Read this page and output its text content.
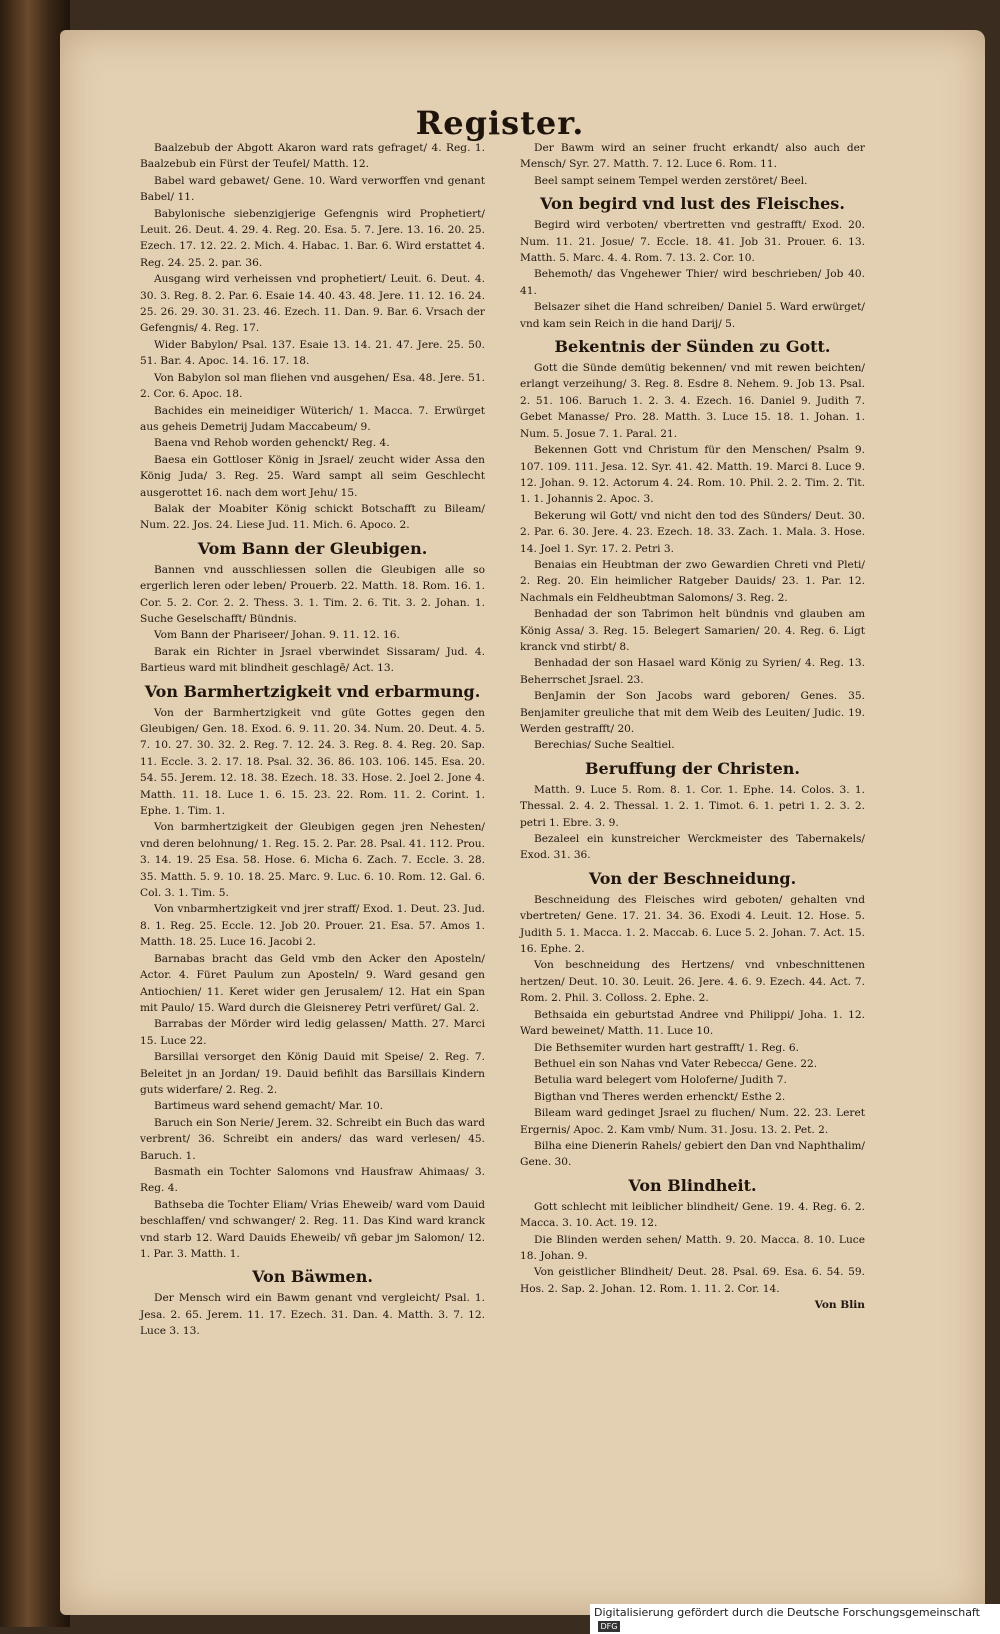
Register.

Baalzebub der Abgott Akaron ward rats gefraget/ 4. Reg. 1. Baalzebub ein Fürst der Teufel/ Matth. 12.

Babel ward gebawet/ Gene. 10. Ward verworffen vnd genant Babel/ 11.

Babylonische siebenzigjerige Gefengnis wird Prophetiert/ Leuit. 26. Deut. 4. 29. 4. Reg. 20. Esa. 5. 7. Jere. 13. 16. 20. 25. Ezech. 17. 12. 22. 2. Mich. 4. Habac. 1. Bar. 6. Wird erstattet 4. Reg. 24. 25. 2. par. 36.

Ausgang wird verheissen vnd prophetiert/ Leuit. 6. Deut. 4. 30. 3. Reg. 8. 2. Par. 6. Esaie 14. 40. 43. 48. Jere. 11. 12. 16. 24. 25. 26. 29. 30. 31. 23. 46. Ezech. 11. Dan. 9. Bar. 6. Vrsach der Gefengnis/ 4. Reg. 17.

Wider Babylon/ Psal. 137. Esaie 13. 14. 21. 47. Jere. 25. 50. 51. Bar. 4. Apoc. 14. 16. 17. 18.

Von Babylon sol man fliehen vnd ausgehen/ Esa. 48. Jere. 51. 2. Cor. 6. Apoc. 18.

Bachides ein meineidiger Wüterich/ 1. Macca. 7. Erwürget aus geheis Demetrij Judam Maccabeum/ 9.

Baena vnd Rehob worden gehenckt/ Reg. 4.

Baesa ein Gottloser König in Jsrael/ zeucht wider Assa den König Juda/ 3. Reg. 25. Ward sampt all seim Geschlecht ausgerottet 16. nach dem wort Jehu/ 15.

Balak der Moabiter König schickt Botschafft zu Bileam/ Num. 22. Jos. 24. Liese Jud. 11. Mich. 6. Apoco. 2.

Vom Bann der Gleubigen.

Bannen vnd ausschliessen sollen die Gleubigen alle so ergerlich leren oder leben/ Prouerb. 22. Matth. 18. Rom. 16. 1. Cor. 5. 2. Cor. 2. 2. Thess. 3. 1. Tim. 2. 6. Tit. 3. 2. Johan. 1. Suche Geselschafft/ Bündnis.

Vom Bann der Phariseer/ Johan. 9. 11. 12. 16.

Barak ein Richter in Jsrael vberwindet Sissaram/ Jud. 4. Bartieus ward mit blindheit geschlagē/ Act. 13.

Von Barmhertzigkeit vnd erbarmung.

Von der Barmhertzigkeit vnd güte Gottes gegen den Gleubigen/ Gen. 18. Exod. 6. 9. 11. 20. 34. Num. 20. Deut. 4. 5. 7. 10. 27. 30. 32. 2. Reg. 7. 12. 24. 3. Reg. 8. 4. Reg. 20. Sap. 11. Eccle. 3. 2. 17. 18. Psal. 32. 36. 86. 103. 106. 145. Esa. 20. 54. 55. Jerem. 12. 18. 38. Ezech. 18. 33. Hose. 2. Joel 2. Jone 4. Matth. 11. 18. Luce 1. 6. 15. 23. 22. Rom. 11. 2. Corint. 1. Ephe. 1. Tim. 1.

Von barmhertzigkeit der Gleubigen gegen jren Nehesten/ vnd deren belohnung/ 1. Reg. 15. 2. Par. 28. Psal. 41. 112. Prou. 3. 14. 19. 25 Esa. 58. Hose. 6. Micha 6. Zach. 7. Eccle. 3. 28. 35. Matth. 5. 9. 10. 18. 25. Marc. 9. Luc. 6. 10. Rom. 12. Gal. 6. Col. 3. 1. Tim. 5.

Von vnbarmhertzigkeit vnd jrer straff/ Exod. 1. Deut. 23. Jud. 8. 1. Reg. 25. Eccle. 12. Job 20. Prouer. 21. Esa. 57. Amos 1. Matth. 18. 25. Luce 16. Jacobi 2.

Barnabas bracht das Geld vmb den Acker den Aposteln/ Actor. 4. Füret Paulum zun Aposteln/ 9. Ward gesand gen Antiochien/ 11. Keret wider gen Jerusalem/ 12. Hat ein Span mit Paulo/ 15. Ward durch die Gleisnerey Petri verfüret/ Gal. 2.

Barrabas der Mörder wird ledig gelassen/ Matth. 27. Marci 15. Luce 22.

Barsillai versorget den König Dauid mit Speise/ 2. Reg. 7. Beleitet jn an Jordan/ 19. Dauid befihlt das Barsillais Kindern guts widerfare/ 2. Reg. 2.

Bartimeus ward sehend gemacht/ Mar. 10.

Baruch ein Son Nerie/ Jerem. 32. Schreibt ein Buch das ward verbrent/ 36. Schreibt ein anders/ das ward verlesen/ 45. Baruch. 1.

Basmath ein Tochter Salomons vnd Hausfraw Ahimaas/ 3. Reg. 4.

Bathseba die Tochter Eliam/ Vrias Eheweib/ ward vom Dauid beschlaffen/ vnd schwanger/ 2. Reg. 11. Das Kind ward kranck vnd starb 12. Ward Dauids Eheweib/ vñ gebar jm Salomon/ 12. 1. Par. 3. Matth. 1.

Von Bäwmen.

Der Mensch wird ein Bawm genant vnd vergleicht/ Psal. 1. Jesa. 2. 65. Jerem. 11. 17. Ezech. 31. Dan. 4. Matth. 3. 7. 12. Luce 3. 13.

Der Bawm wird an seiner frucht erkandt/ also auch der Mensch/ Syr. 27. Matth. 7. 12. Luce 6. Rom. 11.

Beel sampt seinem Tempel werden zerstöret/ Beel.

Von begird vnd lust des Fleisches.

Begird wird verboten/ vbertretten vnd gestrafft/ Exod. 20. Num. 11. 21. Josue/ 7. Eccle. 18. 41. Job 31. Prouer. 6. 13. Matth. 5. Marc. 4. 4. Rom. 7. 13. 2. Cor. 10.

Behemoth/ das Vngehewer Thier/ wird beschrieben/ Job 40. 41.

Belsazer sihet die Hand schreiben/ Daniel 5. Ward erwürget/ vnd kam sein Reich in die hand Darij/ 5.

Bekentnis der Sünden zu Gott.

Gott die Sünde demütig bekennen/ vnd mit rewen beichten/ erlangt verzeihung/ 3. Reg. 8. Esdre 8. Nehem. 9. Job 13. Psal. 2. 51. 106. Baruch 1. 2. 3. 4. Ezech. 16. Daniel 9. Judith 7. Gebet Manasse/ Pro. 28. Matth. 3. Luce 15. 18. 1. Johan. 1. Num. 5. Josue 7. 1. Paral. 21.

Bekennen Gott vnd Christum für den Menschen/ Psalm 9. 107. 109. 111. Jesa. 12. Syr. 41. 42. Matth. 19. Marci 8. Luce 9. 12. Johan. 9. 12. Actorum 4. 24. Rom. 10. Phil. 2. 2. Tim. 2. Tit. 1. 1. Johannis 2. Apoc. 3.

Bekerung wil Gott/ vnd nicht den tod des Sünders/ Deut. 30. 2. Par. 6. 30. Jere. 4. 23. Ezech. 18. 33. Zach. 1. Mala. 3. Hose. 14. Joel 1. Syr. 17. 2. Petri 3.

Benaias ein Heubtman der zwo Gewardien Chreti vnd Pleti/ 2. Reg. 20. Ein heimlicher Ratgeber Dauids/ 23. 1. Par. 12. Nachmals ein Feldheubtman Salomons/ 3. Reg. 2.

Benhadad der son Tabrimon helt bündnis vnd glauben am König Assa/ 3. Reg. 15. Belegert Samarien/ 20. 4. Reg. 6. Ligt kranck vnd stirbt/ 8.

Benhadad der son Hasael ward König zu Syrien/ 4. Reg. 13. Beherrschet Jsrael. 23.

BenJamin der Son Jacobs ward geboren/ Genes. 35. Benjamiter greuliche that mit dem Weib des Leuiten/ Judic. 19. Werden gestrafft/ 20.

Berechias/ Suche Sealtiel.

Beruffung der Christen.

Matth. 9. Luce 5. Rom. 8. 1. Cor. 1. Ephe. 14. Colos. 3. 1. Thessal. 2. 4. 2. Thessal. 1. 2. 1. Timot. 6. 1. petri 1. 2. 3. 2. petri 1. Ebre. 3. 9.

Bezaleel ein kunstreicher Werckmeister des Tabernakels/ Exod. 31. 36.

Von der Beschneidung.

Beschneidung des Fleisches wird geboten/ gehalten vnd vbertreten/ Gene. 17. 21. 34. 36. Exodi 4. Leuit. 12. Hose. 5. Judith 5. 1. Macca. 1. 2. Maccab. 6. Luce 5. 2. Johan. 7. Act. 15. 16. Ephe. 2.

Von beschneidung des Hertzens/ vnd vnbeschnittenen hertzen/ Deut. 10. 30. Leuit. 26. Jere. 4. 6. 9. Ezech. 44. Act. 7. Rom. 2. Phil. 3. Colloss. 2. Ephe. 2.

Bethsaida ein geburtstad Andree vnd Philippi/ Joha. 1. 12. Ward beweinet/ Matth. 11. Luce 10.

Die Bethsemiter wurden hart gestrafft/ 1. Reg. 6.

Bethuel ein son Nahas vnd Vater Rebecca/ Gene. 22.

Betulia ward belegert vom Holoferne/ Judith 7.

Bigthan vnd Theres werden erhenckt/ Esthe 2.

Bileam ward gedinget Jsrael zu fluchen/ Num. 22. 23. Leret Ergernis/ Apoc. 2. Kam vmb/ Num. 31. Josu. 13. 2. Pet. 2.

Bilha eine Dienerin Rahels/ gebiert den Dan vnd Naphthalim/ Gene. 30.

Von Blindheit.

Gott schlecht mit leiblicher blindheit/ Gene. 19. 4. Reg. 6. 2. Macca. 3. 10. Act. 19. 12.

Die Blinden werden sehen/ Matth. 9. 20. Macca. 8. 10. Luce 18. Johan. 9.

Von geistlicher Blindheit/ Deut. 28. Psal. 69. Esa. 6. 54. 59. Hos. 2. Sap. 2. Johan. 12. Rom. 1. 11. 2. Cor. 14.

Von Blin

Digitalisierung gefördert durch die Deutsche Forschungsgemeinschaft DFG
